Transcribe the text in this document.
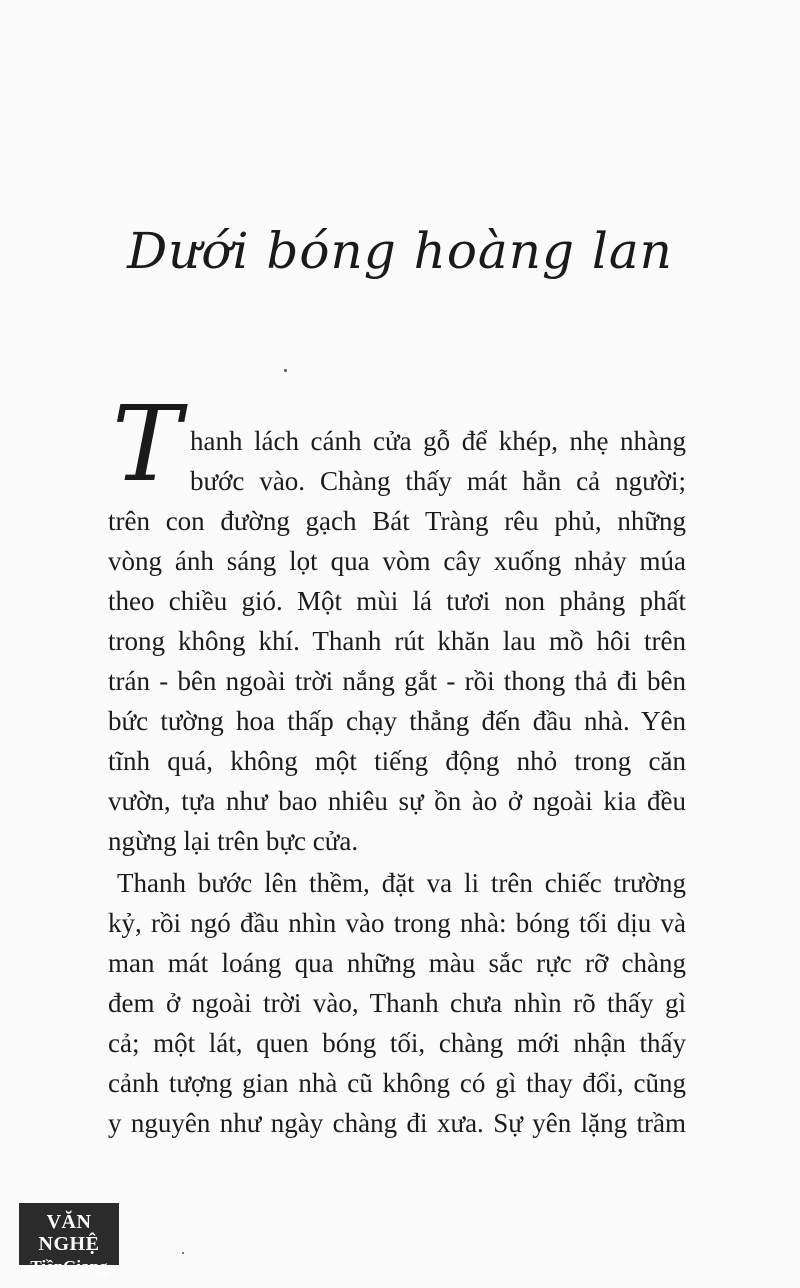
Dưới bóng hoàng lan
T hanh lách cánh cửa gỗ để khép, nhẹ nhàng
bước vào. Chàng thấy mát hẳn cả người;
trên con đường gạch Bát Tràng rêu phủ, những
vòng ánh sáng lọt qua vòm cây xuống nhảy múa
theo chiều gió. Một mùi lá tươi non phảng phất
trong không khí. Thanh rút khăn lau mồ hôi trên
trán - bên ngoài trời nắng gắt - rồi thong thả đi bên
bức tường hoa thấp chạy thẳng đến đầu nhà. Yên
tĩnh quá, không một tiếng động nhỏ trong căn
vườn, tựa như bao nhiêu sự ồn ào ở ngoài kia đều
ngừng lại trên bực cửa.
Thanh bước lên thềm, đặt va li trên chiếc trường
kỷ, rồi ngó đầu nhìn vào trong nhà: bóng tối dịu và
man mát loáng qua những màu sắc rực rỡ chàng
đem ở ngoài trời vào, Thanh chưa nhìn rõ thấy gì
cả; một lát, quen bóng tối, chàng mới nhận thấy
cảnh tượng gian nhà cũ không có gì thay đổi, cũng
y nguyên như ngày chàng đi xưa. Sự yên lặng trầm
VĂN NGHỆ
TiềnGiang
